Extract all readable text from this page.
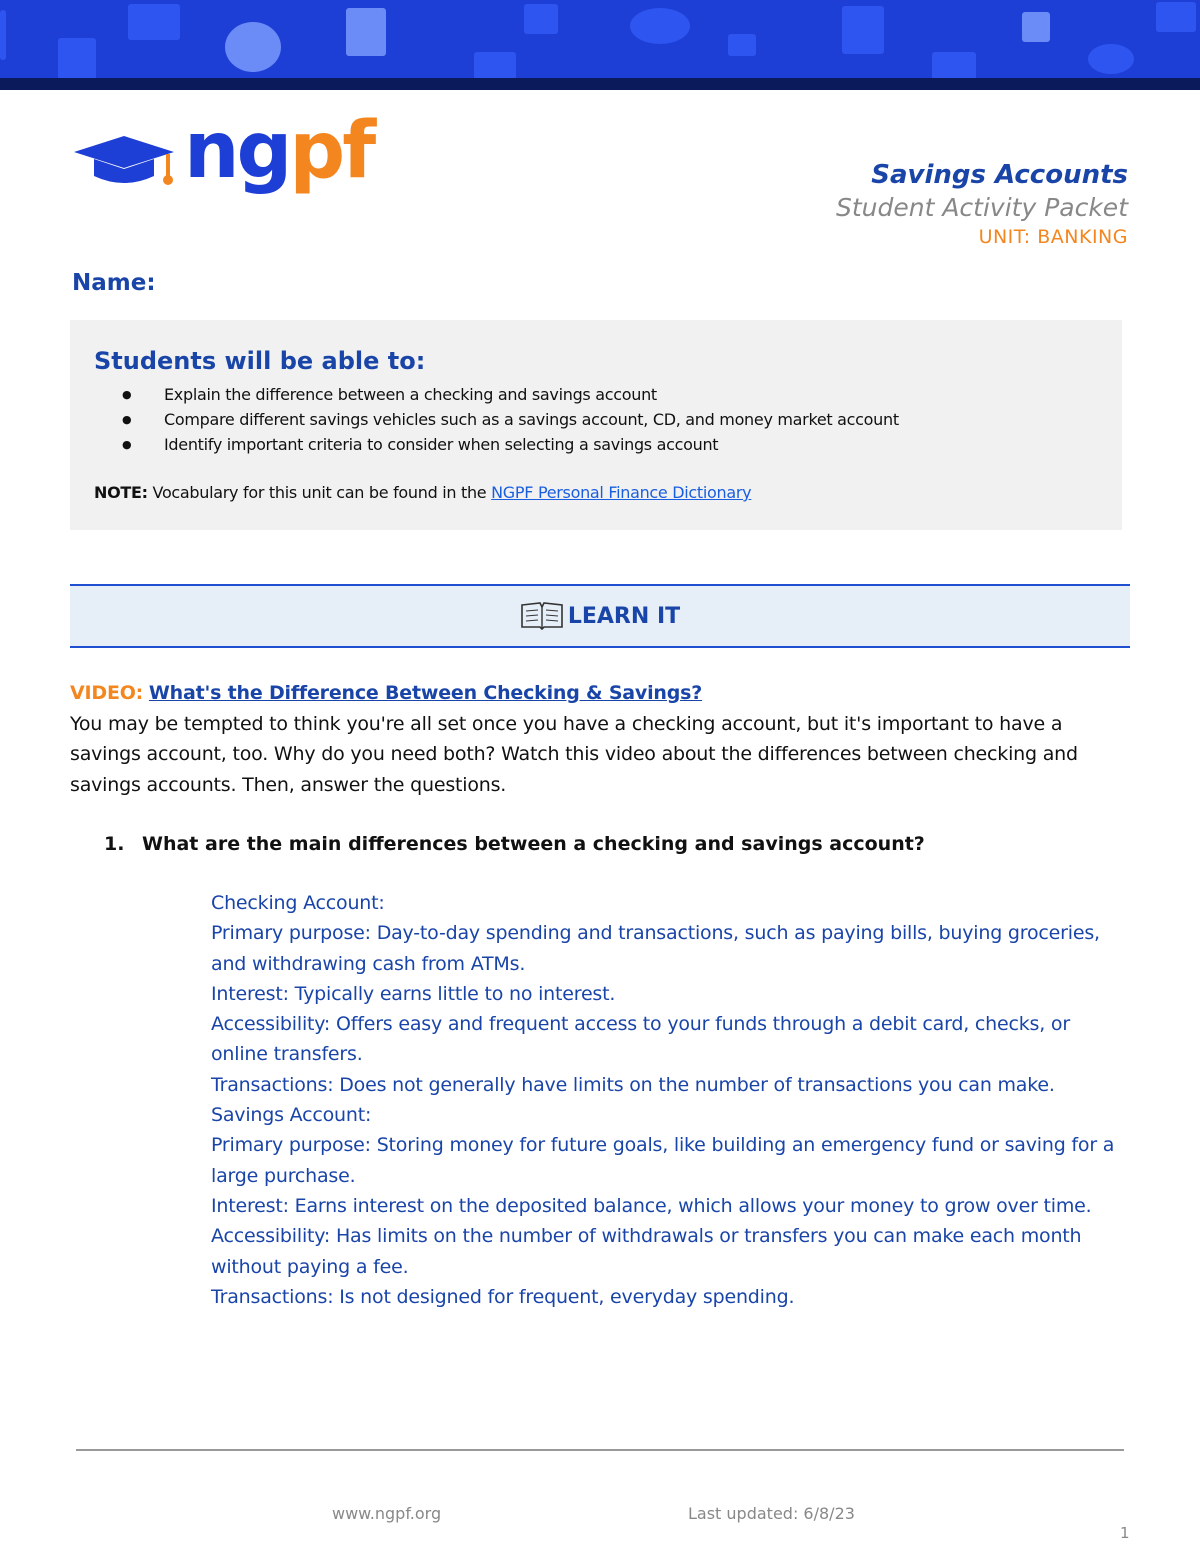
ngpf	Savings Accounts
Student Activity Packet
UNIT: BANKING
Name:
Students will be able to:
● Explain the difference between a checking and savings account
● Compare different savings vehicles such as a savings account, CD, and money market account
● Identify important criteria to consider when selecting a savings account
NOTE: Vocabulary for this unit can be found in the NGPF Personal Finance Dictionary
LEARN IT
VIDEO: What's the Difference Between Checking & Savings?
You may be tempted to think you're all set once you have a checking account, but it's important to have a savings account, too. Why do you need both? Watch this video about the differences between checking and savings accounts. Then, answer the questions.
1. What are the main differences between a checking and savings account?
Checking Account:
Primary purpose: Day-to-day spending and transactions, such as paying bills, buying groceries, and withdrawing cash from ATMs.
Interest: Typically earns little to no interest.
Accessibility: Offers easy and frequent access to your funds through a debit card, checks, or online transfers.
Transactions: Does not generally have limits on the number of transactions you can make.
Savings Account:
Primary purpose: Storing money for future goals, like building an emergency fund or saving for a large purchase.
Interest: Earns interest on the deposited balance, which allows your money to grow over time.
Accessibility: Has limits on the number of withdrawals or transfers you can make each month without paying a fee.
Transactions: Is not designed for frequent, everyday spending.
www.ngpf.org	Last updated: 6/8/23
1
